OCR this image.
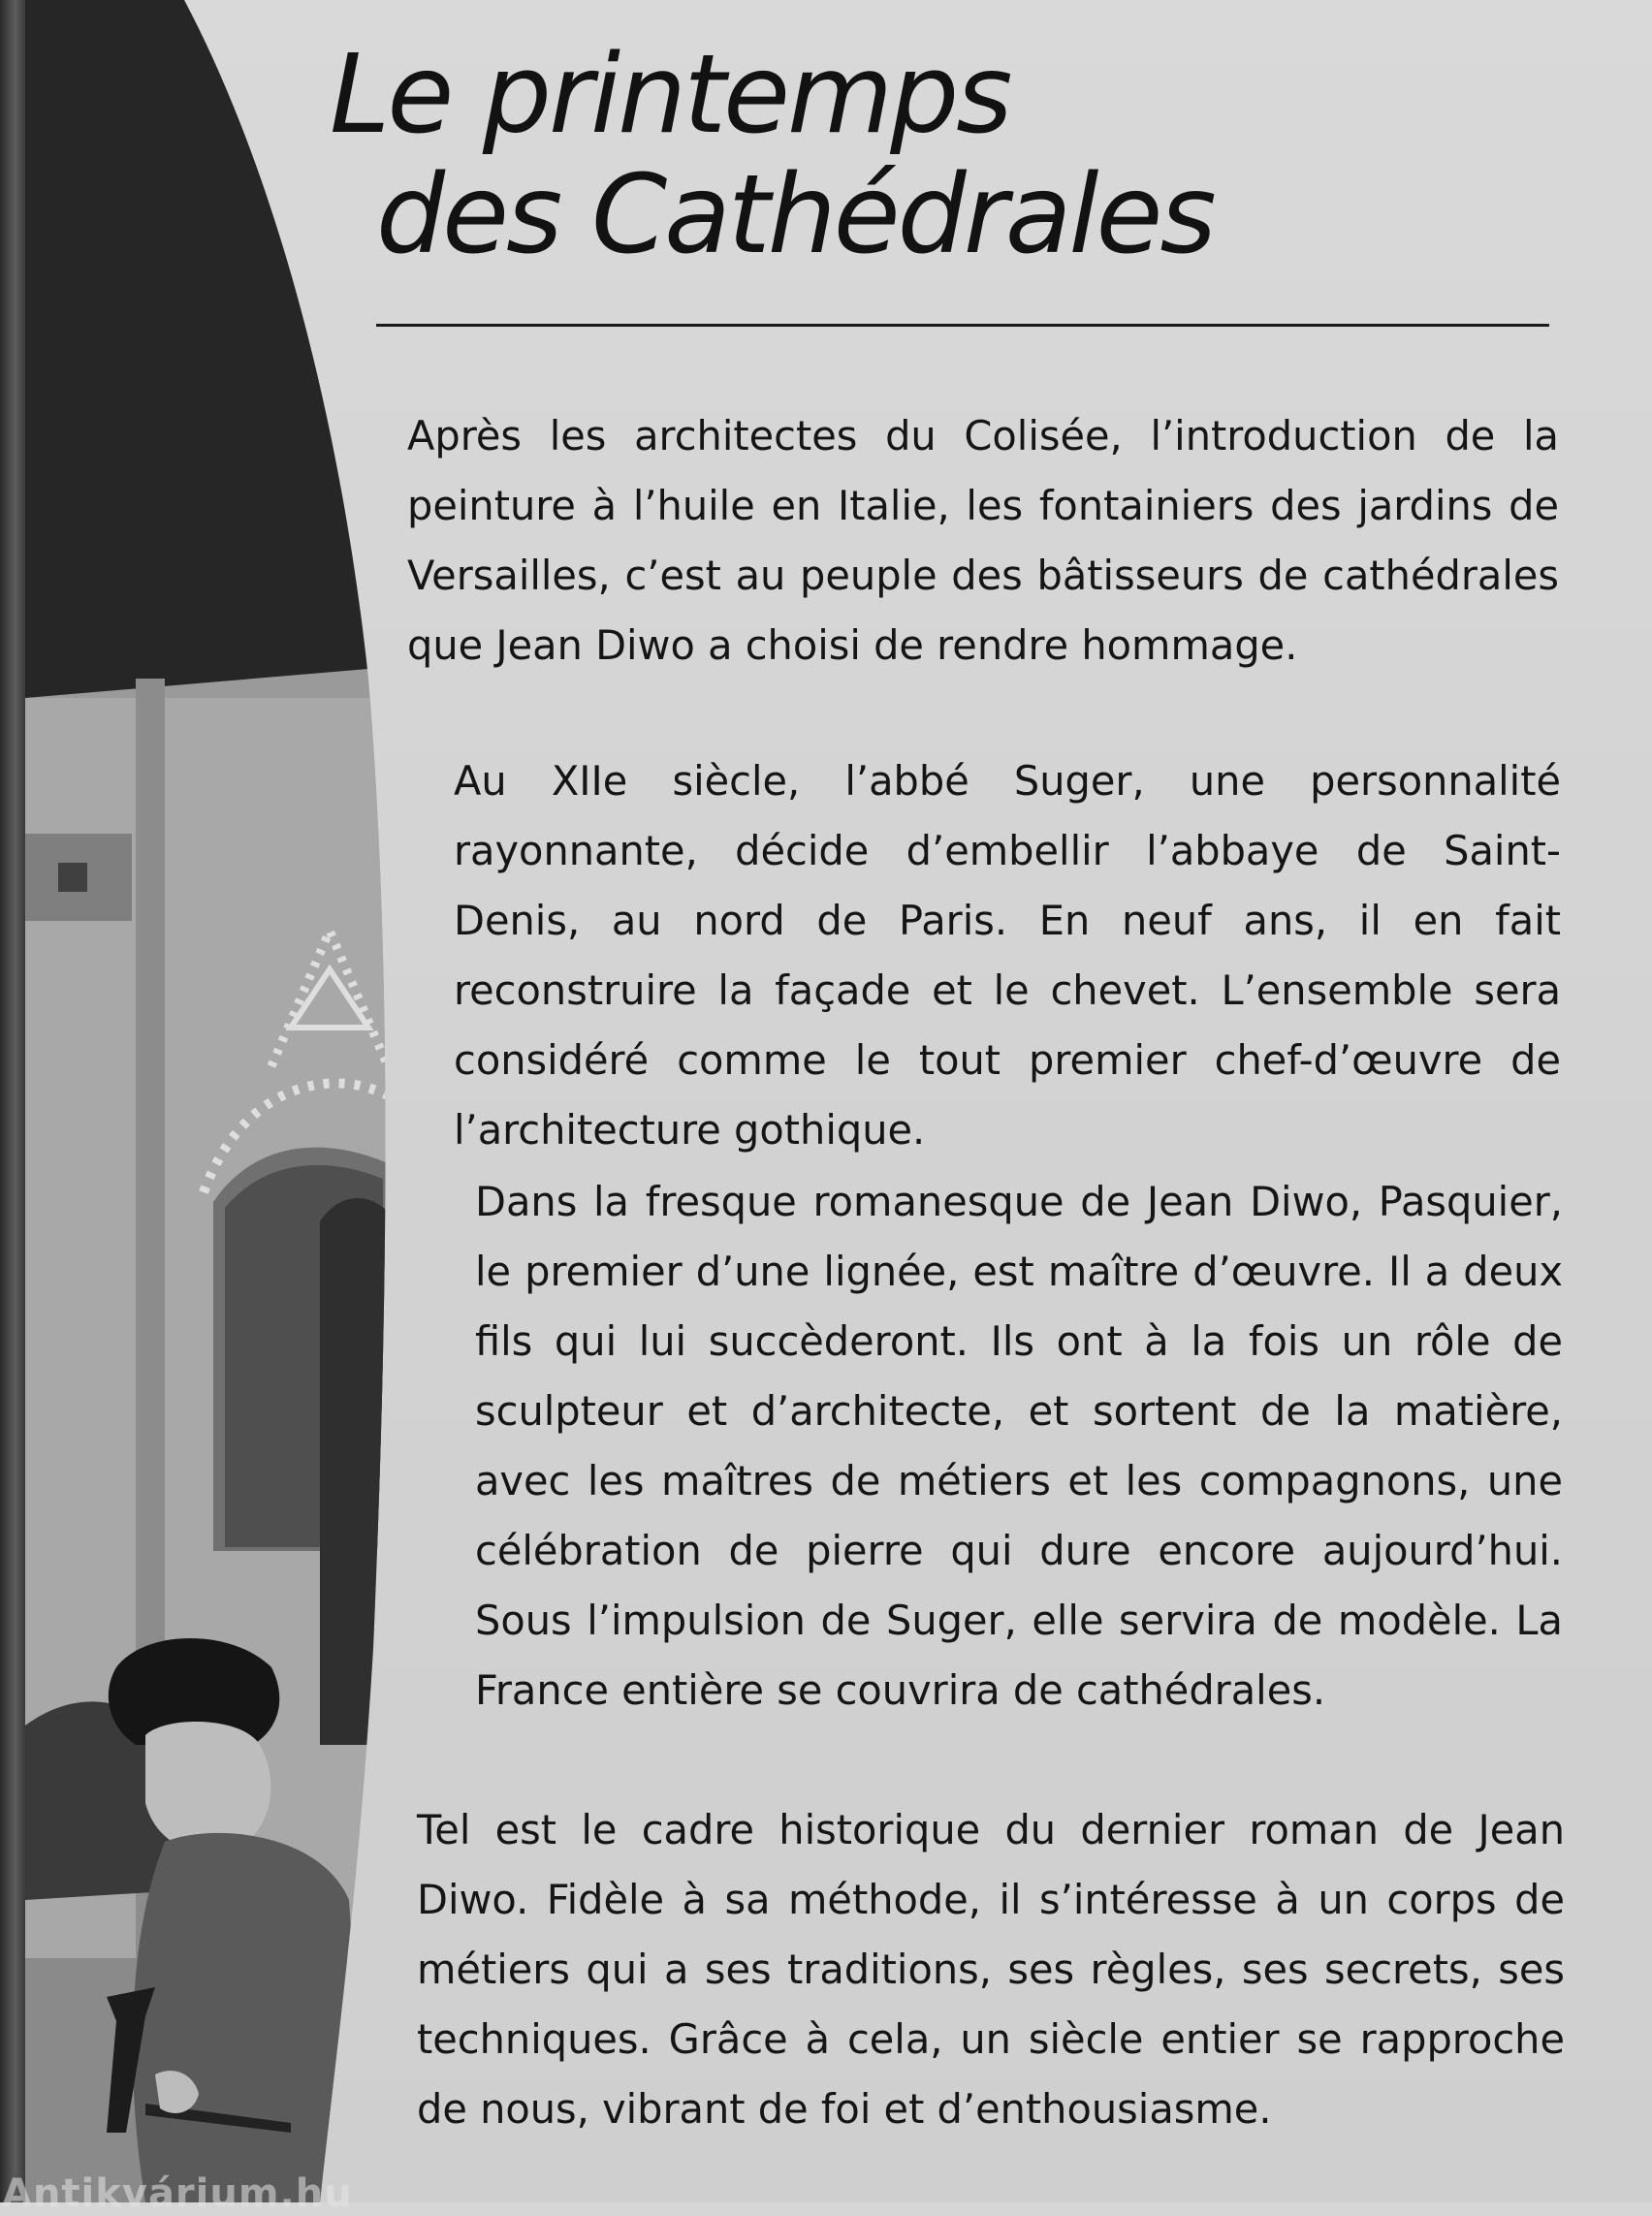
Le printemps
des Cathédrales

Après les architectes du Colisée, l’introduction de la peinture à l’huile en Italie, les fontainiers des jardins de Versailles, c’est au peuple des bâtisseurs de cathédrales que Jean Diwo a choisi de rendre hommage.

Au XIIe siècle, l’abbé Suger, une personnalité rayonnante, décide d’embellir l’abbaye de Saint-Denis, au nord de Paris. En neuf ans, il en fait reconstruire la façade et le chevet. L’ensemble sera considéré comme le tout premier chef-d’œuvre de l’architecture gothique.

Dans la fresque romanesque de Jean Diwo, Pasquier, le premier d’une lignée, est maître d’œuvre. Il a deux fils qui lui succèderont. Ils ont à la fois un rôle de sculpteur et d’architecte, et sortent de la matière, avec les maîtres de métiers et les compagnons, une célébration de pierre qui dure encore aujourd’hui. Sous l’impulsion de Suger, elle servira de modèle. La France entière se couvrira de cathédrales.

Tel est le cadre historique du dernier roman de Jean Diwo. Fidèle à sa méthode, il s’intéresse à un corps de métiers qui a ses traditions, ses règles, ses secrets, ses techniques. Grâce à cela, un siècle entier se rapproche de nous, vibrant de foi et d’enthousiasme.

Antikvárium.hu
